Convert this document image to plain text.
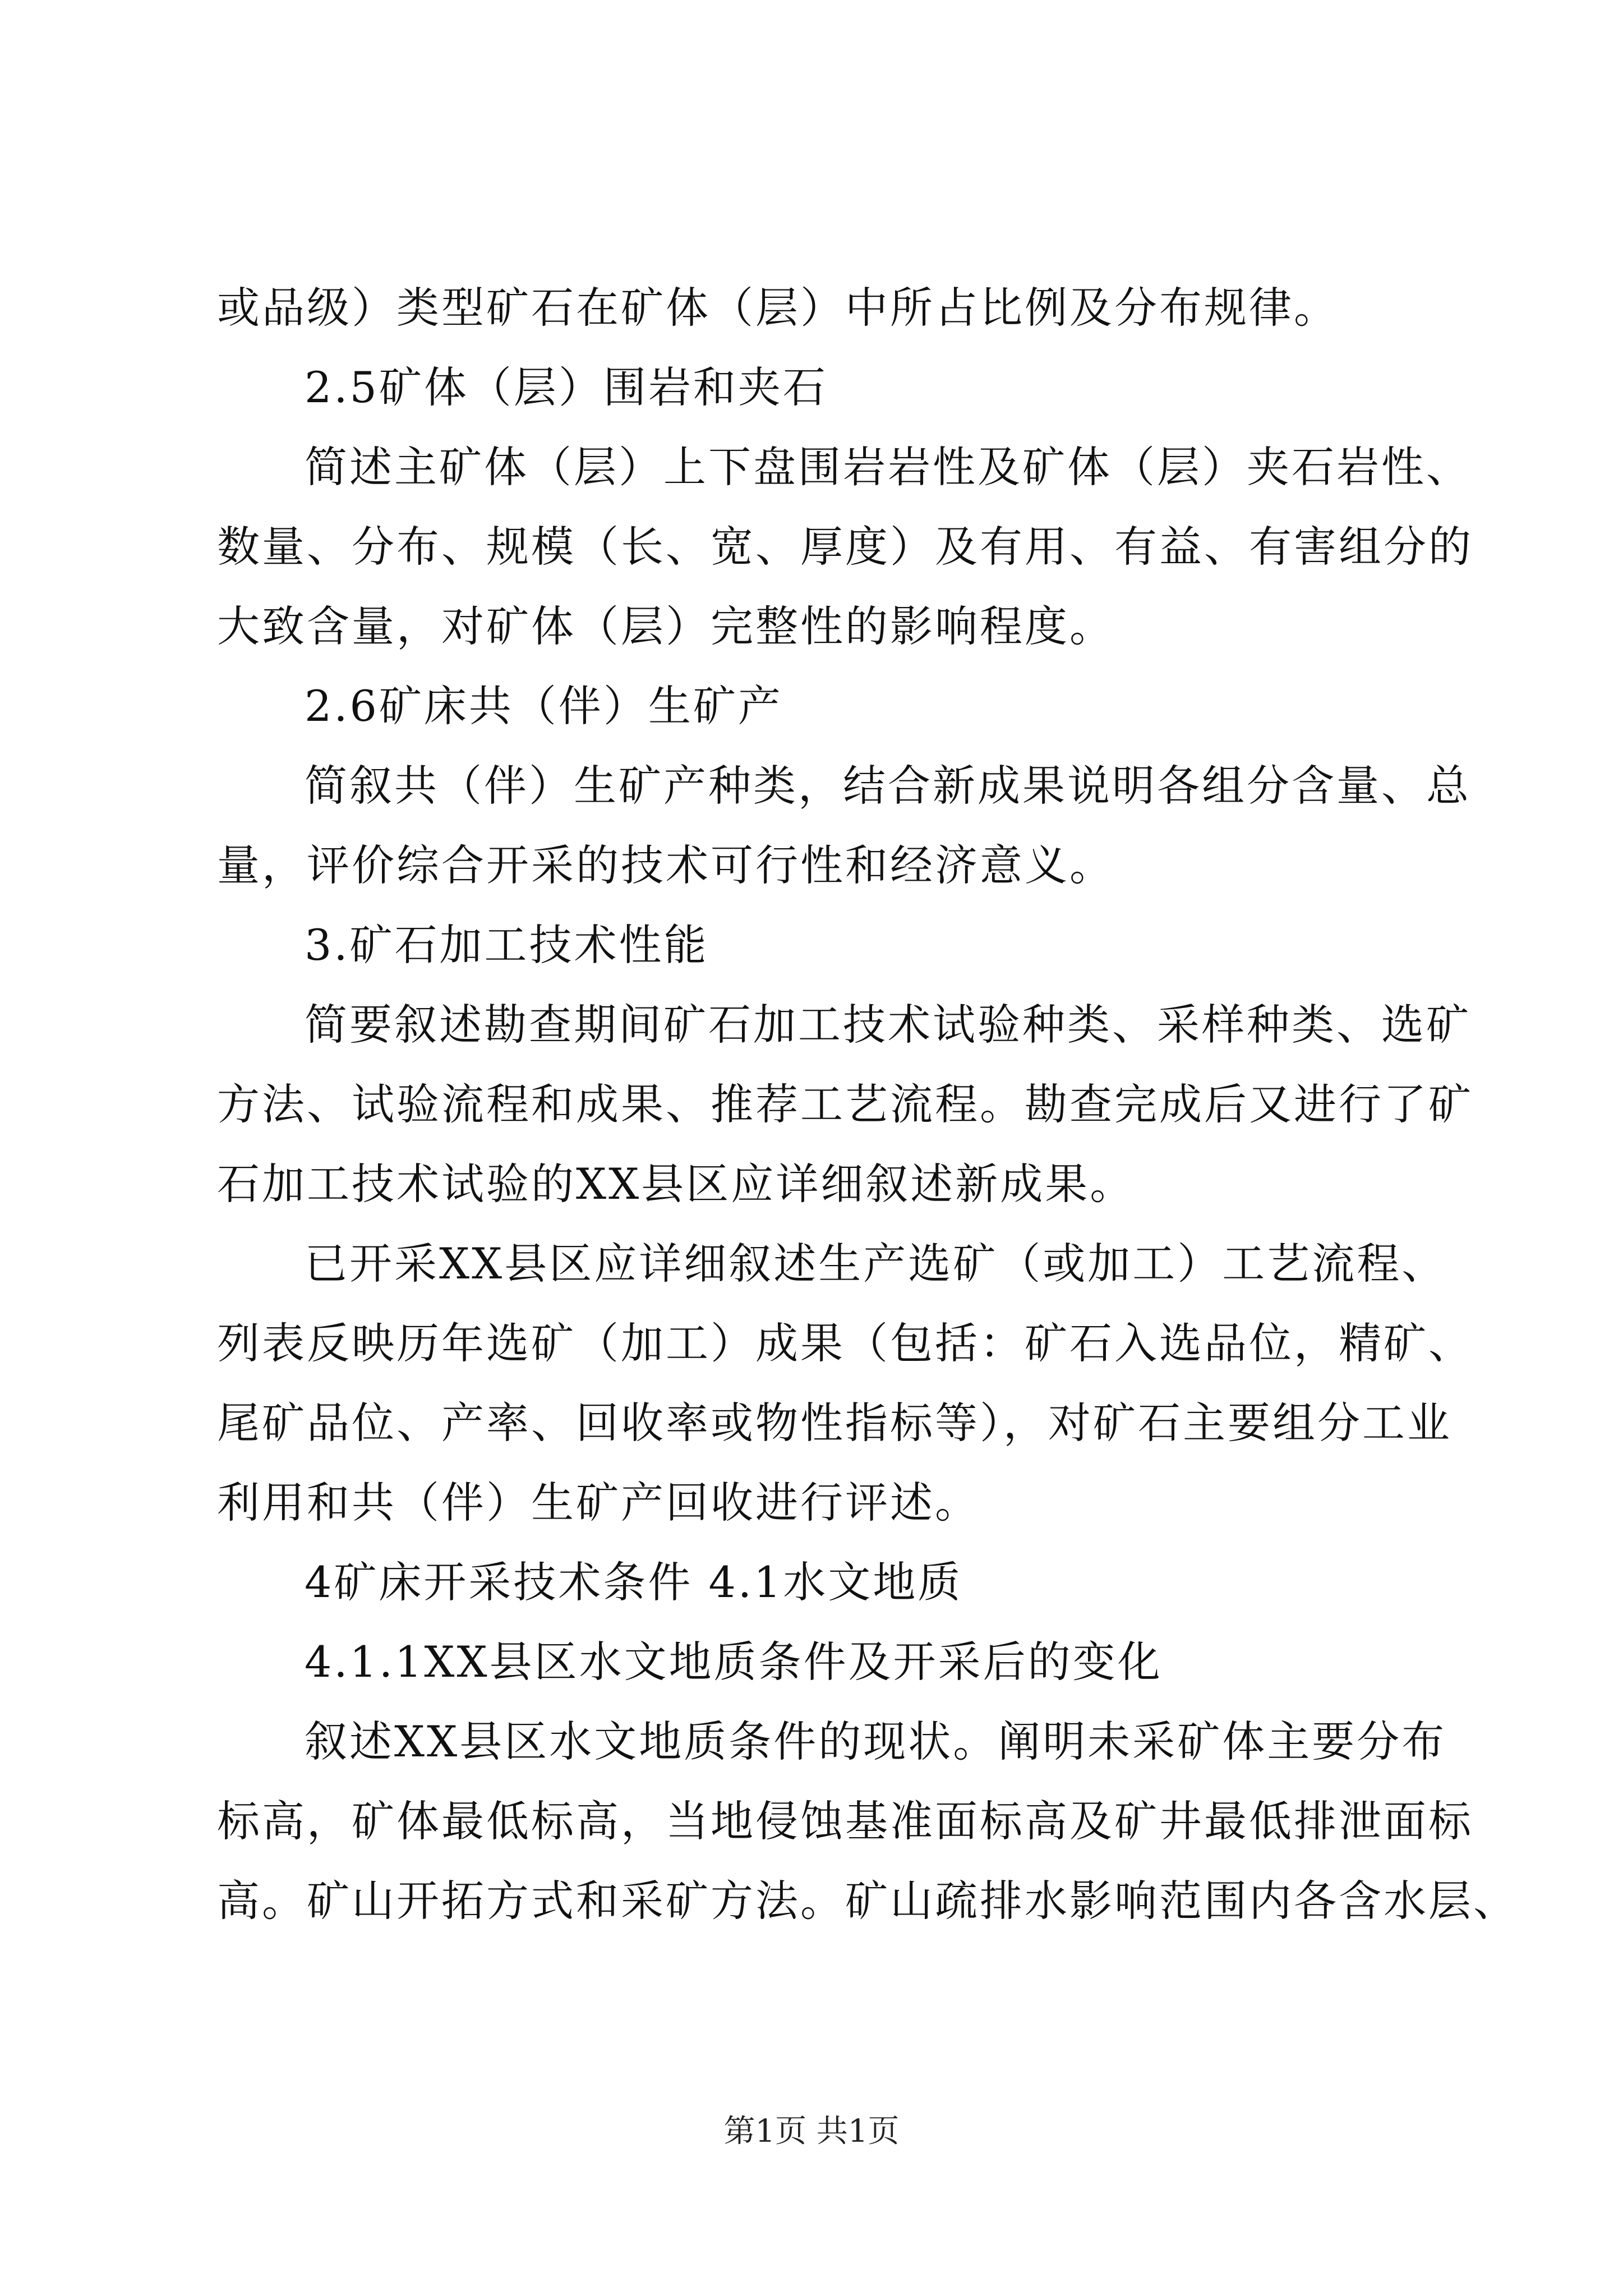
或品级）类型矿石在矿体（层）中所占比例及分布规律。
2.5矿体（层）围岩和夹石
简述主矿体（层）上下盘围岩岩性及矿体（层）夹石岩性、
数量、分布、规模（长、宽、厚度）及有用、有益、有害组分的
大致含量，对矿体（层）完整性的影响程度。
2.6矿床共（伴）生矿产
简叙共（伴）生矿产种类，结合新成果说明各组分含量、总
量，评价综合开采的技术可行性和经济意义。
3.矿石加工技术性能
简要叙述勘查期间矿石加工技术试验种类、采样种类、选矿
方法、试验流程和成果、推荐工艺流程。勘查完成后又进行了矿
石加工技术试验的XX县区应详细叙述新成果。
已开采XX县区应详细叙述生产选矿（或加工）工艺流程、
列表反映历年选矿（加工）成果（包括：矿石入选品位，精矿、
尾矿品位、产率、回收率或物性指标等），对矿石主要组分工业
利用和共（伴）生矿产回收进行评述。
4矿床开采技术条件 4.1水文地质
4.1.1XX县区水文地质条件及开采后的变化
叙述XX县区水文地质条件的现状。阐明未采矿体主要分布
标高，矿体最低标高，当地侵蚀基准面标高及矿井最低排泄面标
高。矿山开拓方式和采矿方法。矿山疏排水影响范围内各含水层、
第1页 共1页
